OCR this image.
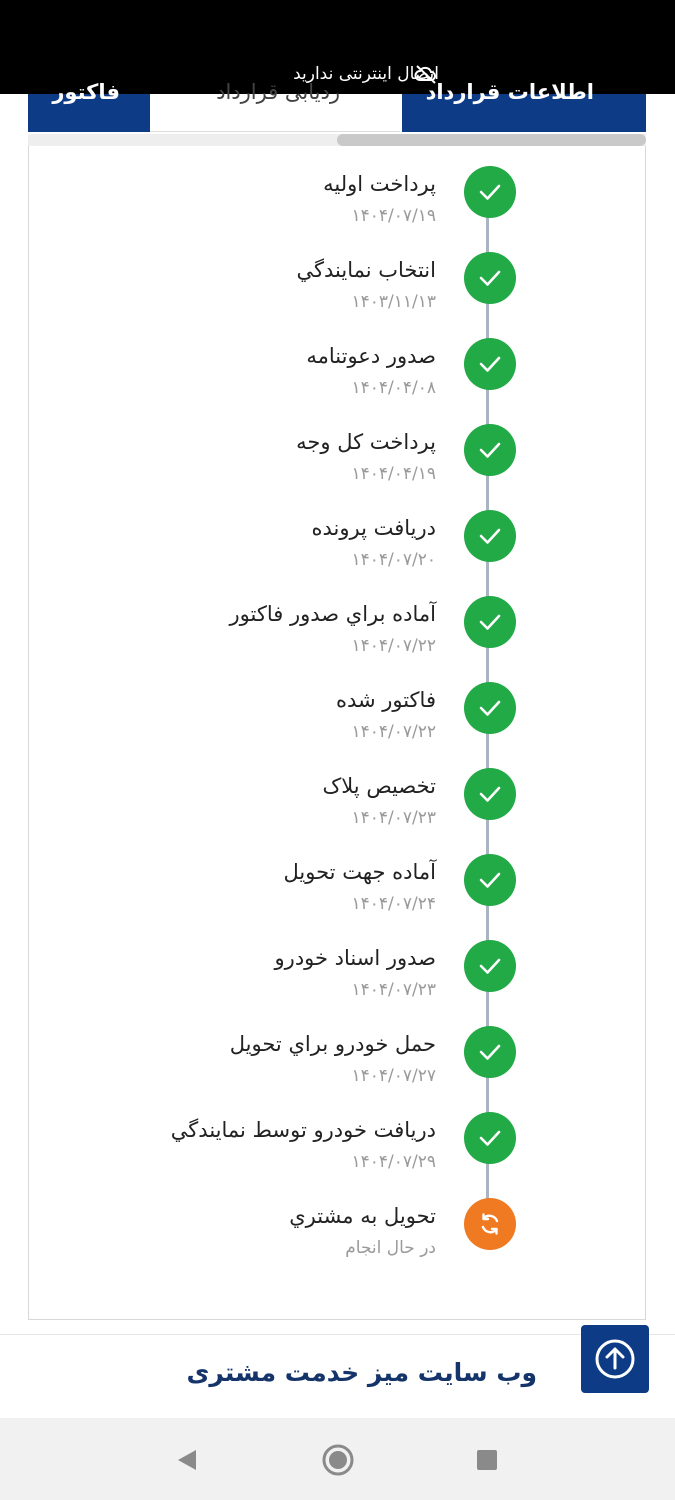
اتصال اینترنتی ندارید
فاکتور	ردیابی قرارداد	اطلاعات قرارداد
پرداخت اوليه
۱۴۰۴/۰۷/۱۹
انتخاب نمايندگي
۱۴۰۳/۱۱/۱۳
صدور دعوتنامه
۱۴۰۴/۰۴/۰۸
پرداخت کل وجه
۱۴۰۴/۰۴/۱۹
دريافت پرونده
۱۴۰۴/۰۷/۲۰
آماده براي صدور فاکتور
۱۴۰۴/۰۷/۲۲
فاکتور شده
۱۴۰۴/۰۷/۲۲
تخصيص پلاک
۱۴۰۴/۰۷/۲۳
آماده جهت تحويل
۱۴۰۴/۰۷/۲۴
صدور اسناد خودرو
۱۴۰۴/۰۷/۲۳
حمل خودرو براي تحويل
۱۴۰۴/۰۷/۲۷
دريافت خودرو توسط نمايندگي
۱۴۰۴/۰۷/۲۹
تحويل به مشتري
در حال انجام
وب سایت میز خدمت مشتری
